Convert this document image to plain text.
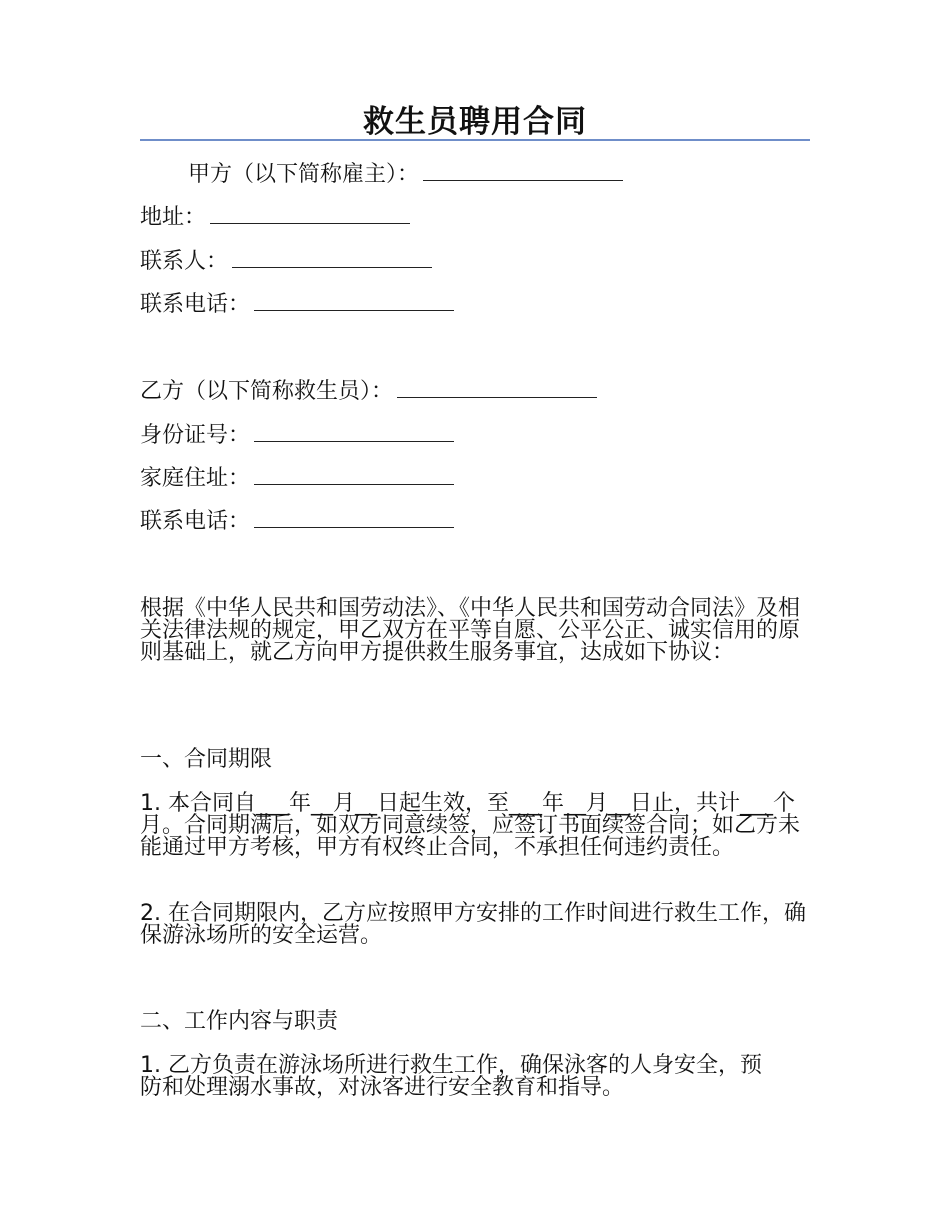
救生员聘用合同
甲方（以下简称雇主）：
地址：
联系人：
联系电话：
乙方（以下简称救生员）：
身份证号：
家庭住址：
联系电话：
根据《中华人民共和国劳动法》、《中华人民共和国劳动合同法》及相关法律法规的规定，甲乙双方在平等自愿、公平公正、诚实信用的原则基础上，就乙方向甲方提供救生服务事宜，达成如下协议：
一、合同期限
1. 本合同自___年__月__日起生效，至___年__月__日止，共计___个月。合同期满后，如双方同意续签，应签订书面续签合同；如乙方未能通过甲方考核，甲方有权终止合同，不承担任何违约责任。
2. 在合同期限内，乙方应按照甲方安排的工作时间进行救生工作，确保游泳场所的安全运营。
二、工作内容与职责
1. 乙方负责在游泳场所进行救生工作，确保泳客的人身安全，预防和处理溺水事故，对泳客进行安全教育和指导。
